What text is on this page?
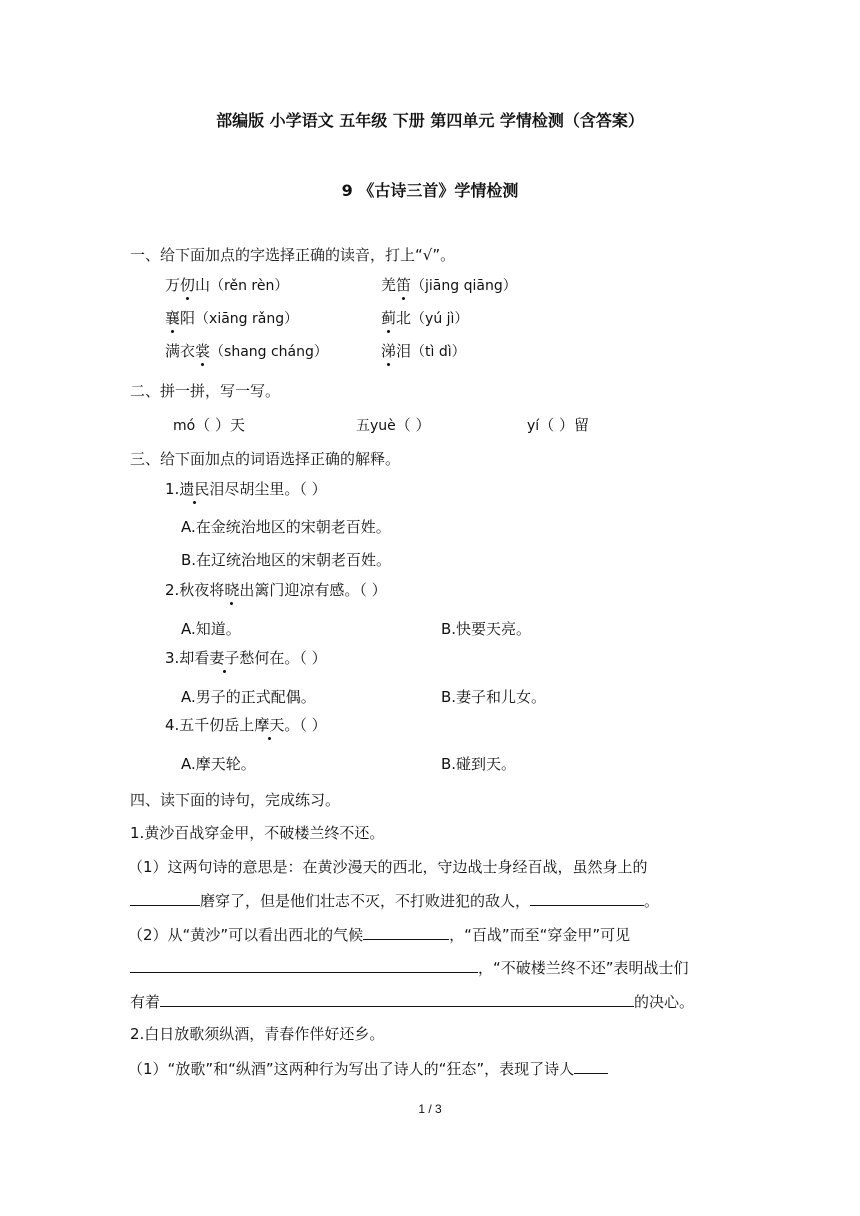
部编版 小学语文 五年级 下册 第四单元 学情检测（含答案）
9 《古诗三首》学情检测
一、给下面加点的字选择正确的读音，打上“√”。
万仞山（rěn rèn）	羌笛（jiāng qiāng）
襄阳（xiāng rǎng）	蓟北（yú jì）
满衣裳（shang cháng）	涕泪（tì dì）
二、拼一拼，写一写。
mó（ ）天	五yuè（ ）	yí（ ）留
三、给下面加点的词语选择正确的解释。
1.遗民泪尽胡尘里。（ ）
A.在金统治地区的宋朝老百姓。
B.在辽统治地区的宋朝老百姓。
2.秋夜将晓出篱门迎凉有感。（ ）
A.知道。	B.快要天亮。
3.却看妻子愁何在。（ ）
A.男子的正式配偶。	B.妻子和儿女。
4.五千仞岳上摩天。（ ）
A.摩天轮。	B.碰到天。
四、读下面的诗句，完成练习。
1.黄沙百战穿金甲，不破楼兰终不还。
（1）这两句诗的意思是：在黄沙漫天的西北，守边战士身经百战，虽然身上的
磨穿了，但是他们壮志不灭，不打败进犯的敌人，	。
（2）从“黄沙”可以看出西北的气候	，“百战”而至“穿金甲”可见
，“不破楼兰终不还”表明战士们
有着	的决心。
2.白日放歌须纵酒，青春作伴好还乡。
（1）“放歌”和“纵酒”这两种行为写出了诗人的“狂态”，表现了诗人
1 / 3
